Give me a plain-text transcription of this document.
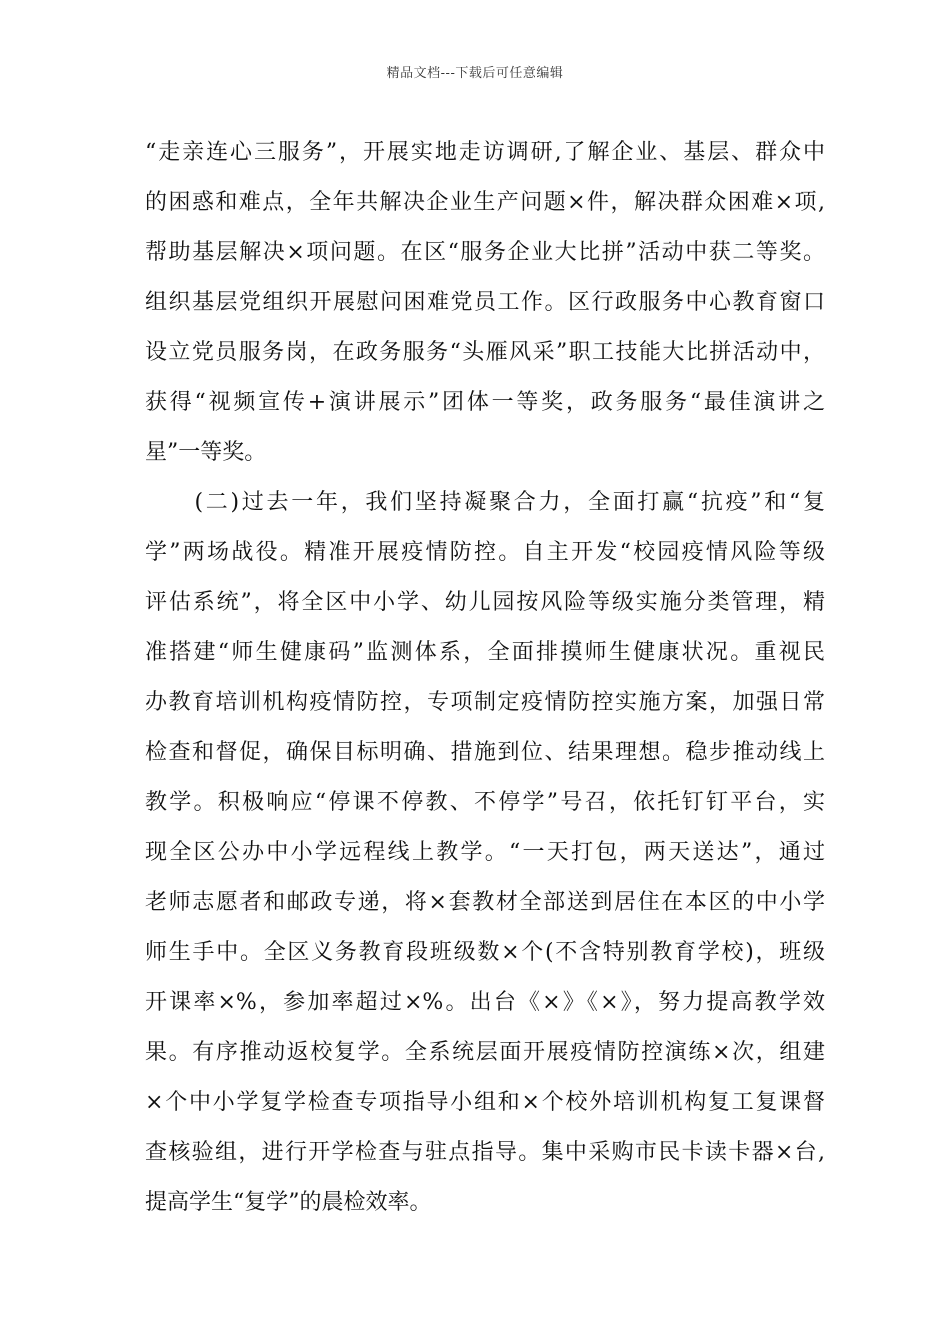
精品文档---下载后可任意编辑
“走亲连心三服务”，开展实地走访调研,了解企业、基层、群众中
的困惑和难点，全年共解决企业生产问题×件，解决群众困难×项,
帮助基层解决×项问题。在区“服务企业大比拼”活动中获二等奖。
组织基层党组织开展慰问困难党员工作。区行政服务中心教育窗口
设立党员服务岗，在政务服务“头雁风采”职工技能大比拼活动中，
获得“视频宣传+演讲展示”团体一等奖，政务服务“最佳演讲之
星”一等奖。
　　(二)过去一年，我们坚持凝聚合力，全面打赢“抗疫”和“复
学”两场战役。精准开展疫情防控。自主开发“校园疫情风险等级
评估系统”，将全区中小学、幼儿园按风险等级实施分类管理，精
准搭建“师生健康码”监测体系，全面排摸师生健康状况。重视民
办教育培训机构疫情防控，专项制定疫情防控实施方案，加强日常
检查和督促，确保目标明确、措施到位、结果理想。稳步推动线上
教学。积极响应“停课不停教、不停学”号召，依托钉钉平台，实
现全区公办中小学远程线上教学。“一天打包，两天送达”，通过
老师志愿者和邮政专递，将×套教材全部送到居住在本区的中小学
师生手中。全区义务教育段班级数×个(不含特别教育学校)，班级
开课率×%，参加率超过×%。出台《×》《×》，努力提高教学效
果。有序推动返校复学。全系统层面开展疫情防控演练×次，组建
×个中小学复学检查专项指导小组和×个校外培训机构复工复课督
查核验组，进行开学检查与驻点指导。集中采购市民卡读卡器×台,
提高学生“复学”的晨检效率。
